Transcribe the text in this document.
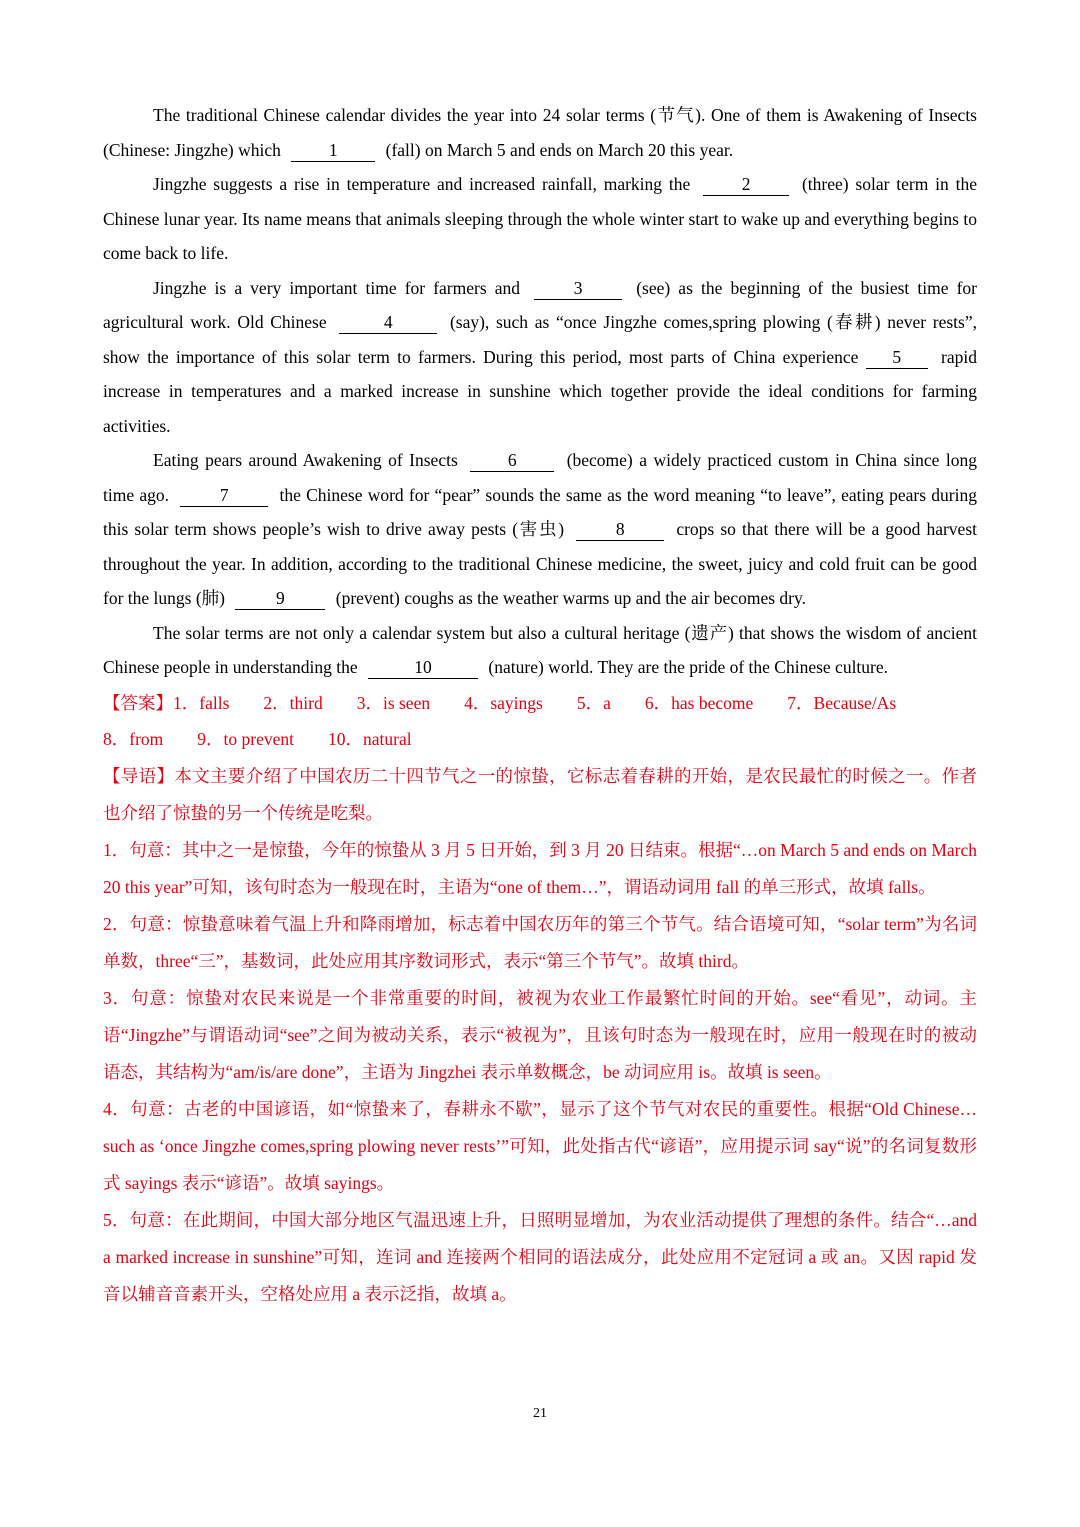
The traditional Chinese calendar divides the year into 24 solar terms (节气). One of them is Awakening of Insects (Chinese: Jingzhe) which 1 (fall) on March 5 and ends on March 20 this year.

Jingzhe suggests a rise in temperature and increased rainfall, marking the	2	(three) solar term in the Chinese lunar year. Its name means that animals sleeping through the whole winter start to wake up and everything begins to come back to life.

Jingzhe is a very important time for farmers and	3	(see) as the beginning of the busiest time for agricultural work. Old Chinese	4	(say), such as “once Jingzhe comes,spring plowing (春耕) never rests”, show the importance of this solar term to farmers. During this period, most parts of China experience 5 rapid increase in temperatures and a marked increase in sunshine which together provide the ideal conditions for farming activities.

Eating pears around Awakening of Insects 6 (become) a widely practiced custom in China since long time ago.	7	the Chinese word for “pear” sounds the same as the word meaning “to leave”, eating pears during this solar term shows people’s wish to drive away pests (害虫)	8	crops so that there will be a good harvest throughout the year. In addition, according to the traditional Chinese medicine, the sweet, juicy and cold fruit can be good for the lungs (肺)	9	(prevent) coughs as the weather warms up and the air becomes dry.

The solar terms are not only a calendar system but also a cultural heritage (遗产) that shows the wisdom of ancient Chinese people in understanding the	10	(nature) world. They are the pride of the Chinese culture.

【答案】1．falls 2．third 3．is seen 4．sayings 5．a 6．has become 7．Because/As
8．from 9．to prevent 10．natural

【导语】本文主要介绍了中国农历二十四节气之一的惊蛰，它标志着春耕的开始，是农民最忙的时候之一。作者也介绍了惊蛰的另一个传统是吃梨。

1．句意：其中之一是惊蛰，今年的惊蛰从 3 月 5 日开始，到 3 月 20 日结束。根据“…on March 5 and ends on March 20 this year”可知，该句时态为一般现在时，主语为“one of them…”，谓语动词用 fall 的单三形式，故填 falls。

2．句意：惊蛰意味着气温上升和降雨增加，标志着中国农历年的第三个节气。结合语境可知，“solar term”为名词单数，three“三”，基数词，此处应用其序数词形式，表示“第三个节气”。故填 third。

3．句意：惊蛰对农民来说是一个非常重要的时间，被视为农业工作最繁忙时间的开始。see“看见”，动词。主语“Jingzhe”与谓语动词“see”之间为被动关系，表示“被视为”，且该句时态为一般现在时，应用一般现在时的被动语态，其结构为“am/is/are done”，主语为 Jingzhei 表示单数概念，be 动词应用 is。故填 is seen。

4．句意：古老的中国谚语，如“惊蛰来了，春耕永不歇”，显示了这个节气对农民的重要性。根据“Old Chinese… such as ‘once Jingzhe comes,spring plowing never rests’”可知，此处指古代“谚语”，应用提示词 say“说”的名词复数形式 sayings 表示“谚语”。故填 sayings。

5．句意：在此期间，中国大部分地区气温迅速上升，日照明显增加，为农业活动提供了理想的条件。结合“…and a marked increase in sunshine”可知，连词 and 连接两个相同的语法成分，此处应用不定冠词 a 或 an。又因 rapid 发音以辅音音素开头，空格处应用 a 表示泛指，故填 a。

21
